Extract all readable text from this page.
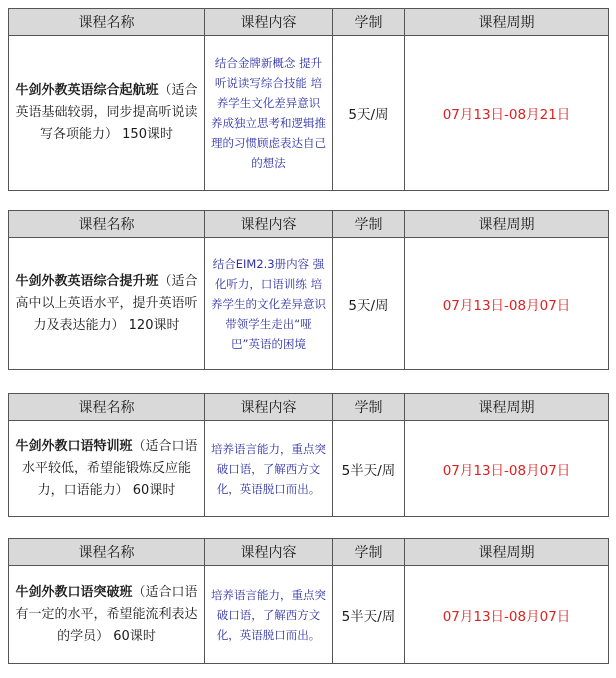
课程名称	课程内容	学制	课程周期
牛剑外教英语综合起航班（适合英语基础较弱，同步提高听说读写各项能力） 150课时	结合金牌新概念 提升听说读写综合技能 培养学生文化差异意识 养成独立思考和逻辑推理的习惯顾虑表达自己的想法	5天/周	07月13日-08月21日
课程名称	课程内容	学制	课程周期
牛剑外教英语综合提升班（适合高中以上英语水平，提升英语听力及表达能力） 120课时	结合EIM2.3册内容 强化听力，口语训练 培养学生的文化差异意识 带领学生走出“哑巴”英语的困境	5天/周	07月13日-08月07日
课程名称	课程内容	学制	课程周期
牛剑外教口语特训班（适合口语水平较低，希望能锻炼反应能力，口语能力） 60课时	培养语言能力，重点突破口语，了解西方文化，英语脱口而出。	5半天/周	07月13日-08月07日
课程名称	课程内容	学制	课程周期
牛剑外教口语突破班（适合口语有一定的水平，希望能流利表达的学员） 60课时	培养语言能力，重点突破口语，了解西方文化，英语脱口而出。	5半天/周	07月13日-08月07日
